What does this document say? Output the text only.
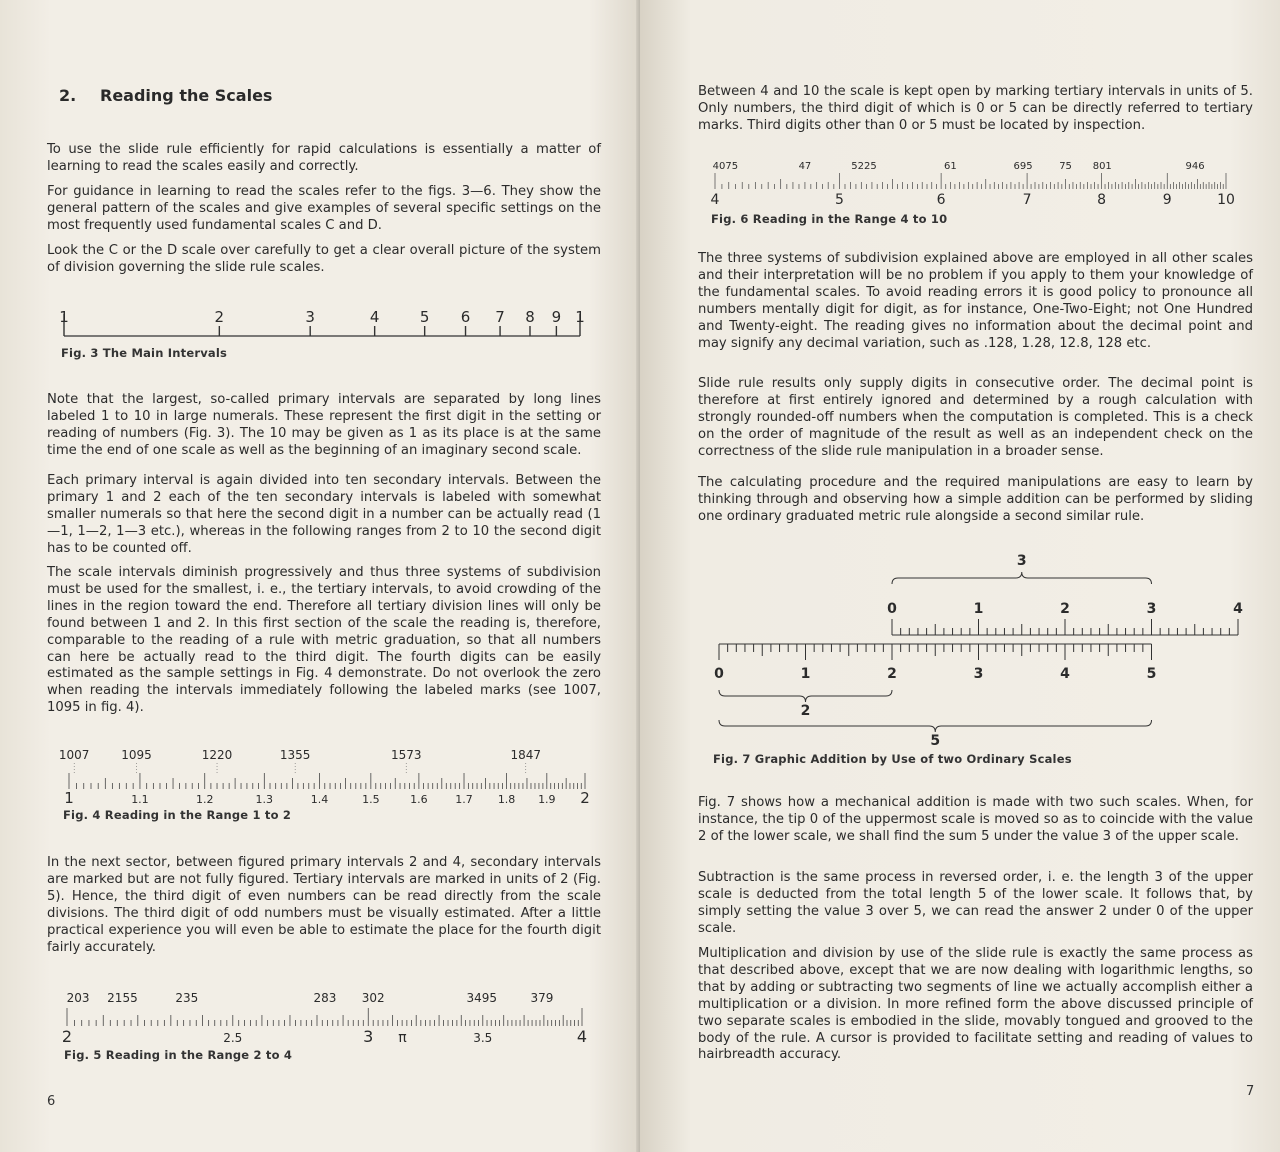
2. Reading the Scales

To use the slide rule efficiently for rapid calculations is essentially a matter of learning to read the scales easily and correctly.

For guidance in learning to read the scales refer to the figs. 3—6. They show the general pattern of the scales and give examples of several specific settings on the most frequently used fundamental scales C and D.

Look the C or the D scale over carefully to get a clear overall picture of the system of division governing the slide rule scales.

1	2	3	4	5 6 7 8 9 1
Fig. 3 The Main Intervals

Note that the largest, so-called primary intervals are separated by long lines labeled 1 to 10 in large numerals. These represent the first digit in the setting or reading of numbers (Fig. 3). The 10 may be given as 1 as its place is at the same time the end of one scale as well as the beginning of an imaginary second scale.

Each primary interval is again divided into ten secondary intervals. Between the primary 1 and 2 each of the ten secondary intervals is labeled with somewhat smaller numerals so that here the second digit in a number can be actually read (1—1, 1—2, 1—3 etc.), whereas in the following ranges from 2 to 10 the second digit has to be counted off.

The scale intervals diminish progressively and thus three systems of subdivision must be used for the smallest, i. e., the tertiary intervals, to avoid crowding of the lines in the region toward the end. Therefore all tertiary division lines will only be found between 1 and 2. In this first section of the scale the reading is, therefore, comparable to the reading of a rule with metric graduation, so that all numbers can here be actually read to the third digit. The fourth digits can be easily estimated as the sample settings in Fig. 4 demonstrate. Do not overlook the zero when reading the intervals immediately following the labeled marks (see 1007, 1095 in fig. 4).

1	1.1	1.2	1.3	1.4	1.5	1.6	1.7 1.8 1.9 2
1007	1095	1220	1355	1573	1847
Fig. 4 Reading in the Range 1 to 2

In the next sector, between figured primary intervals 2 and 4, secondary intervals are marked but are not fully figured. Tertiary intervals are marked in units of 2 (Fig. 5). Hence, the third digit of even numbers can be read directly from the scale divisions. The third digit of odd numbers must be visually estimated. After a little practical experience you will even be able to estimate the place for the fourth digit fairly accurately.

2	2.5	3 π	3.5	4
203 2155	235	283 302	3495	379
Fig. 5 Reading in the Range 2 to 4
6

Between 4 and 10 the scale is kept open by marking tertiary intervals in units of 5. Only numbers, the third digit of which is 0 or 5 can be directly referred to tertiary marks. Third digits other than 0 or 5 must be located by inspection.

4	5	6	7	8	9	10
4075	47	5225	61	695	75 801	946
Fig. 6 Reading in the Range 4 to 10

The three systems of subdivision explained above are employed in all other scales and their interpretation will be no problem if you apply to them your knowledge of the fundamental scales. To avoid reading errors it is good policy to pronounce all numbers mentally digit for digit, as for instance, One-Two-Eight; not One Hundred and Twenty-eight. The reading gives no information about the decimal point and may signify any decimal variation, such as .128, 1.28, 12.8, 128 etc.

Slide rule results only supply digits in consecutive order. The decimal point is therefore at first entirely ignored and determined by a rough calculation with strongly rounded-off numbers when the computation is completed. This is a check on the order of magnitude of the result as well as an independent check on the correctness of the slide rule manipulation in a broader sense.

The calculating procedure and the required manipulations are easy to learn by thinking through and observing how a simple addition can be performed by sliding one ordinary graduated metric rule alongside a second similar rule.

0	1	2	3	4
0	1	2	3	4	5
3
2
5
Fig. 7 Graphic Addition by Use of two Ordinary Scales

Fig. 7 shows how a mechanical addition is made with two such scales. When, for instance, the tip 0 of the uppermost scale is moved so as to coincide with the value 2 of the lower scale, we shall find the sum 5 under the value 3 of the upper scale.

Subtraction is the same process in reversed order, i. e. the length 3 of the upper scale is deducted from the total length 5 of the lower scale. It follows that, by simply setting the value 3 over 5, we can read the answer 2 under 0 of the upper scale.

Multiplication and division by use of the slide rule is exactly the same process as that described above, except that we are now dealing with logarithmic lengths, so that by adding or subtracting two segments of line we actually accomplish either a multiplication or a division. In more refined form the above discussed principle of two separate scales is embodied in the slide, movably tongued and grooved to the body of the rule. A cursor is provided to facilitate setting and reading of values to hairbreadth accuracy.

7
